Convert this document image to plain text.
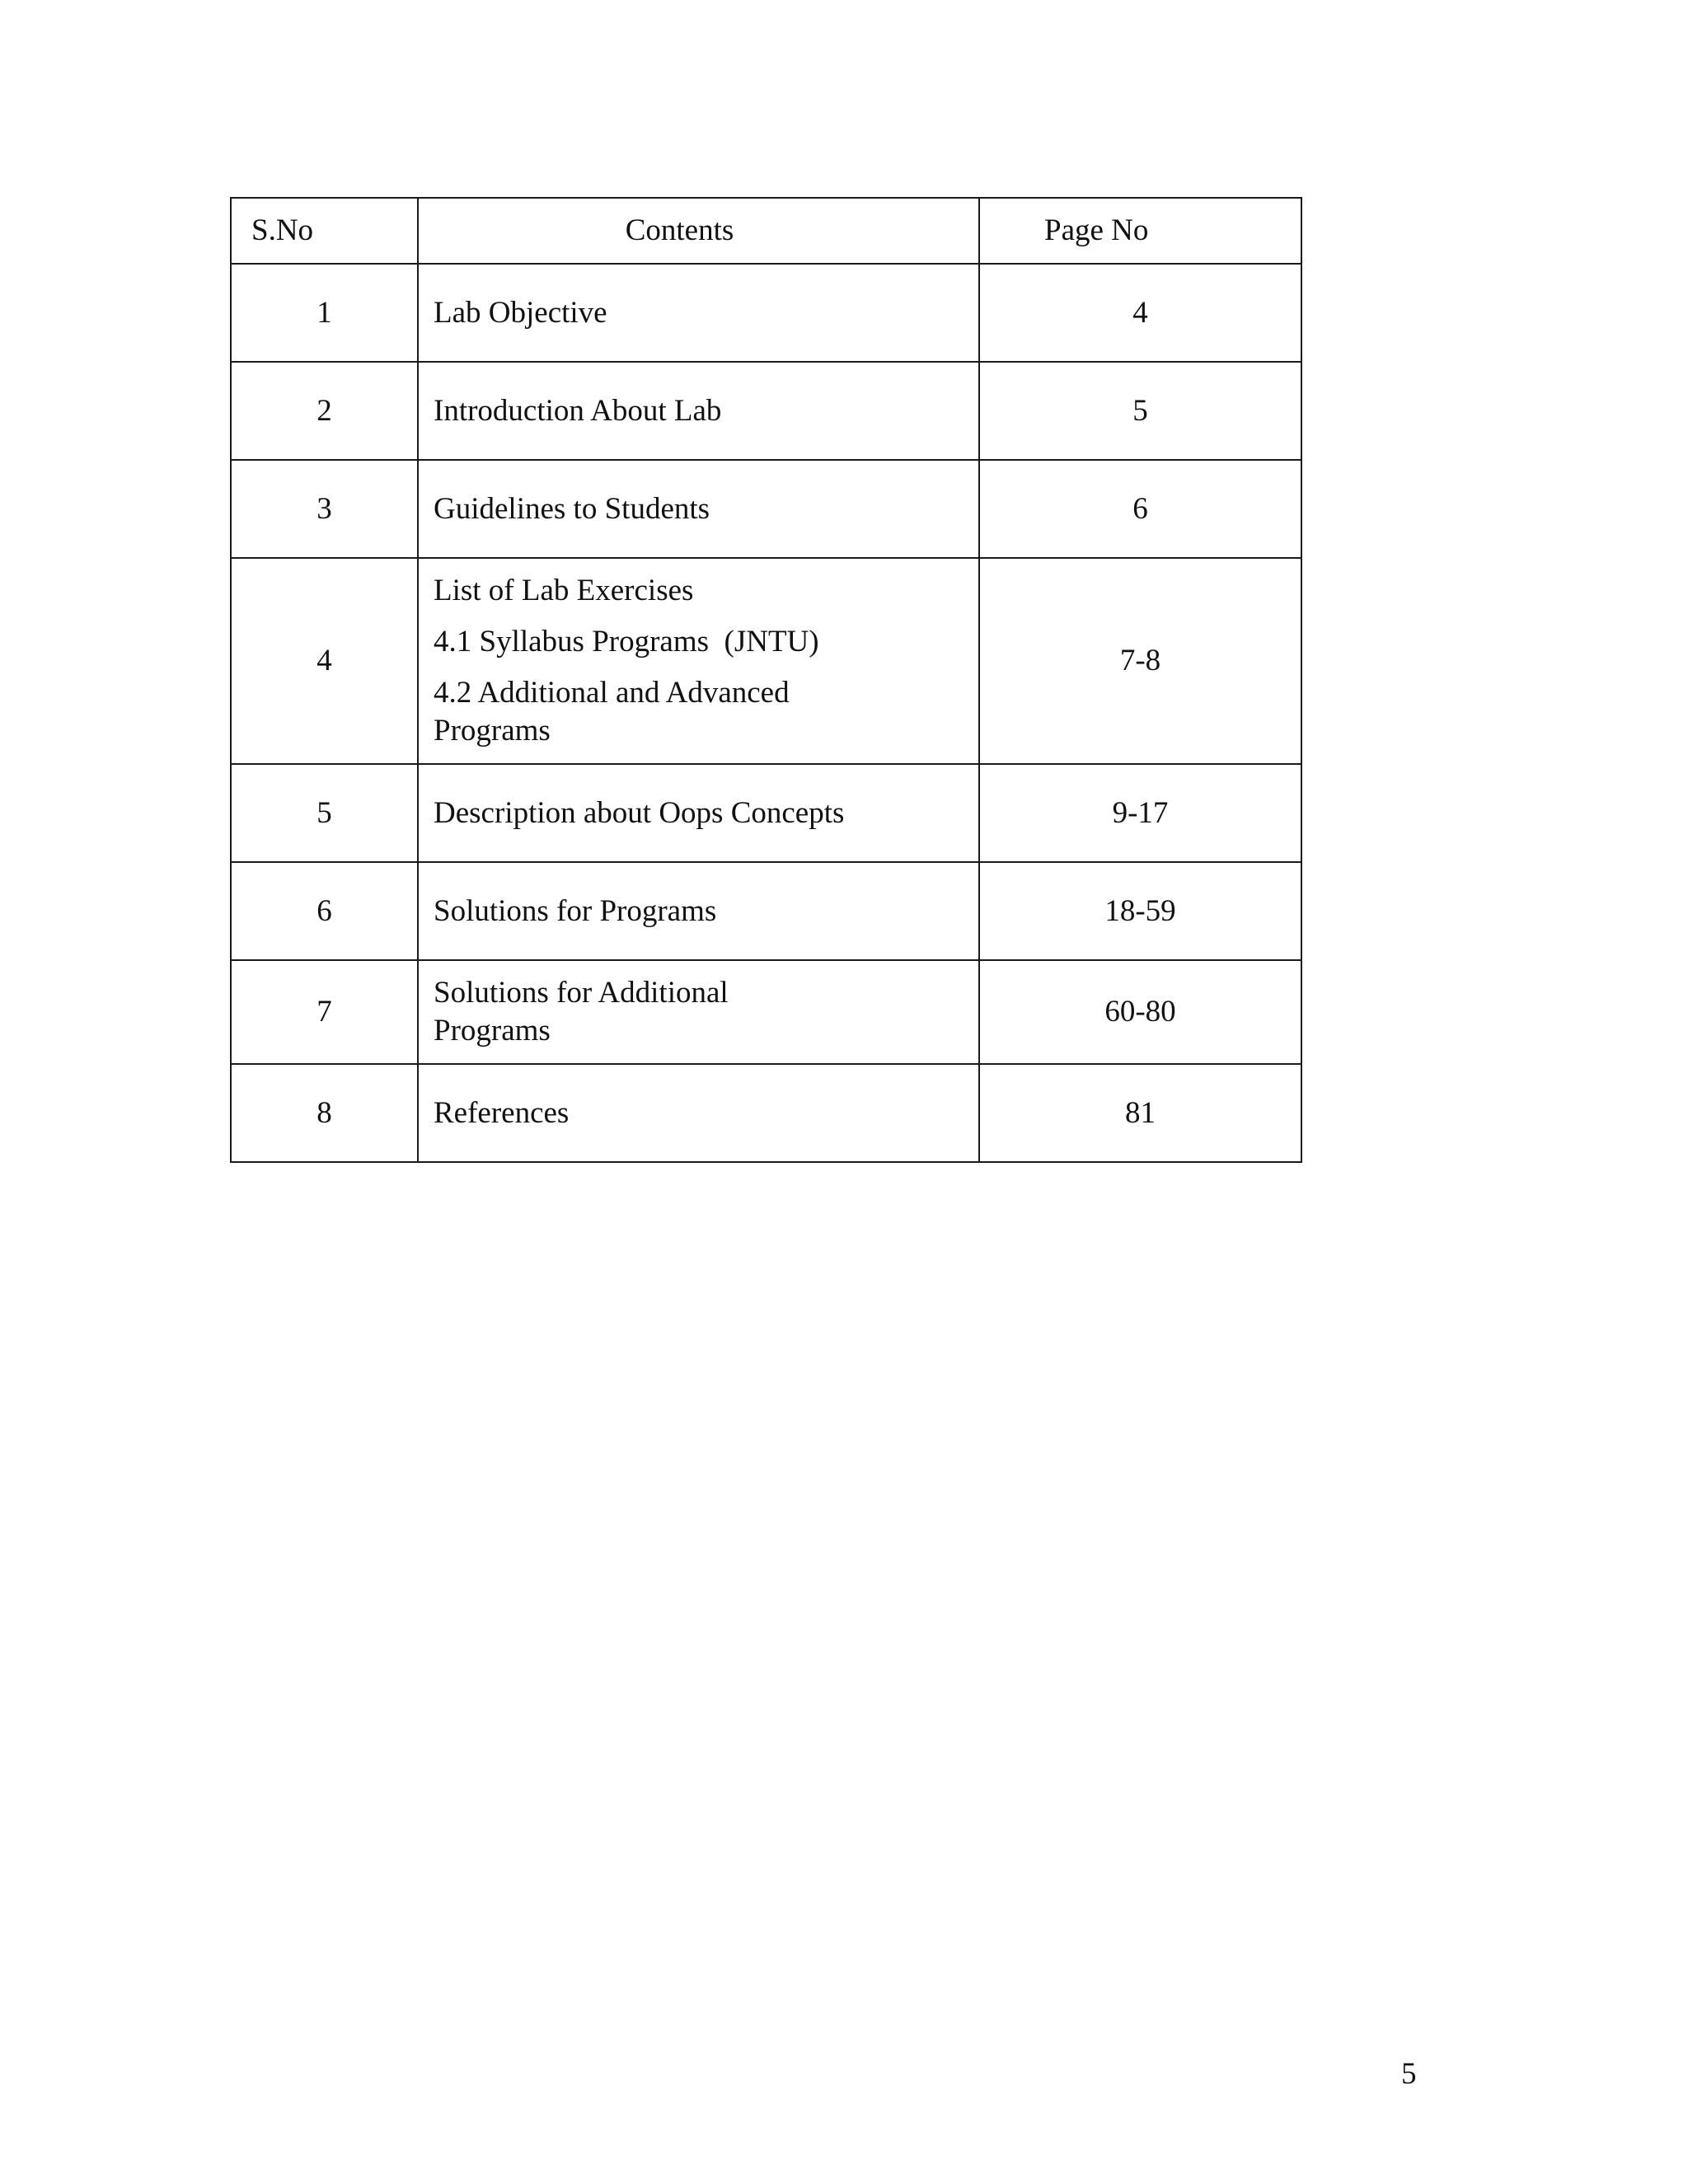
S.No	Contents	Page No
1	Lab Objective	4
2	Introduction About Lab	5
3	Guidelines to Students	6
4	List of Lab Exercises
4.1 Syllabus Programs  (JNTU)
4.2 Additional and Advanced
Programs	7-8
5	Description about Oops Concepts	9-17
6	Solutions for Programs	18-59
7	Solutions for Additional
Programs	60-80
8	References	81
5
